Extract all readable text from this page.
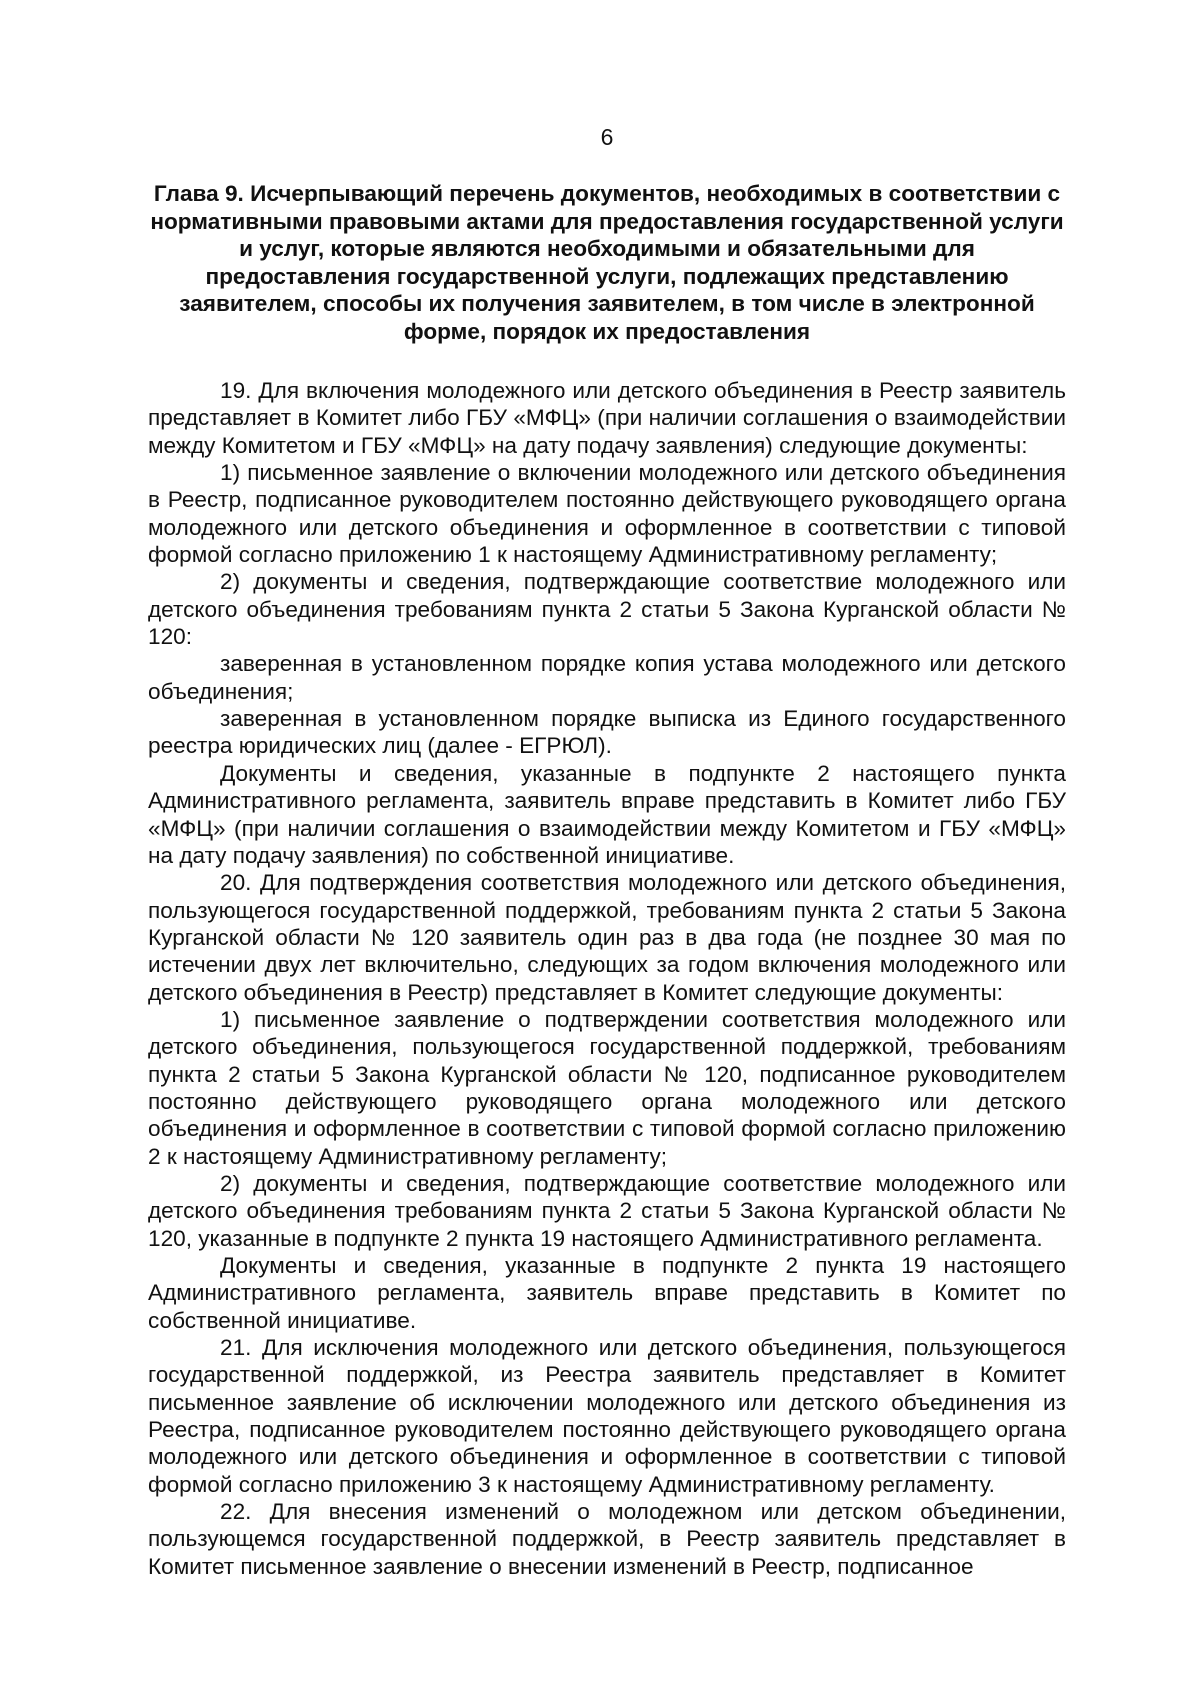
6
Глава 9. Исчерпывающий перечень документов, необходимых в соответствии с нормативными правовыми актами для предоставления государственной услуги и услуг, которые являются необходимыми и обязательными для предоставления государственной услуги, подлежащих представлению заявителем, способы их получения заявителем, в том числе в электронной форме, порядок их предоставления

19. Для включения молодежного или детского объединения в Реестр заявитель представляет в Комитет либо ГБУ «МФЦ» (при наличии соглашения о взаимодействии между Комитетом и ГБУ «МФЦ» на дату подачу заявления) следующие документы:

1) письменное заявление о включении молодежного или детского объединения в Реестр, подписанное руководителем постоянно действующего руководящего органа молодежного или детского объединения и оформленное в соответствии с типовой формой согласно приложению 1 к настоящему Административному регламенту;

2) документы и сведения, подтверждающие соответствие молодежного или детского объединения требованиям пункта 2 статьи 5 Закона Курганской области № 120:

заверенная в установленном порядке копия устава молодежного или детского объединения;

заверенная в установленном порядке выписка из Единого государственного реестра юридических лиц (далее - ЕГРЮЛ).

Документы и сведения, указанные в подпункте 2 настоящего пункта Административного регламента, заявитель вправе представить в Комитет либо ГБУ «МФЦ» (при наличии соглашения о взаимодействии между Комитетом и ГБУ «МФЦ» на дату подачу заявления) по собственной инициативе.

20. Для подтверждения соответствия молодежного или детского объединения, пользующегося государственной поддержкой, требованиям пункта 2 статьи 5 Закона Курганской области № 120 заявитель один раз в два года (не позднее 30 мая по истечении двух лет включительно, следующих за годом включения молодежного или детского объединения в Реестр) представляет в Комитет следующие документы:

1) письменное заявление о подтверждении соответствия молодежного или детского объединения, пользующегося государственной поддержкой, требованиям пункта 2 статьи 5 Закона Курганской области № 120, подписанное руководителем постоянно действующего руководящего органа молодежного или детского объединения и оформленное в соответствии с типовой формой согласно приложению 2 к настоящему Административному регламенту;

2) документы и сведения, подтверждающие соответствие молодежного или детского объединения требованиям пункта 2 статьи 5 Закона Курганской области № 120, указанные в подпункте 2 пункта 19 настоящего Административного регламента.

Документы и сведения, указанные в подпункте 2 пункта 19 настоящего Административного регламента, заявитель вправе представить в Комитет по собственной инициативе.

21. Для исключения молодежного или детского объединения, пользующегося государственной поддержкой, из Реестра заявитель представляет в Комитет письменное заявление об исключении молодежного или детского объединения из Реестра, подписанное руководителем постоянно действующего руководящего органа молодежного или детского объединения и оформленное в соответствии с типовой формой согласно приложению 3 к настоящему Административному регламенту.

22. Для внесения изменений о молодежном или детском объединении, пользующемся государственной поддержкой, в Реестр заявитель представляет в Комитет письменное заявление о внесении изменений в Реестр, подписанное
